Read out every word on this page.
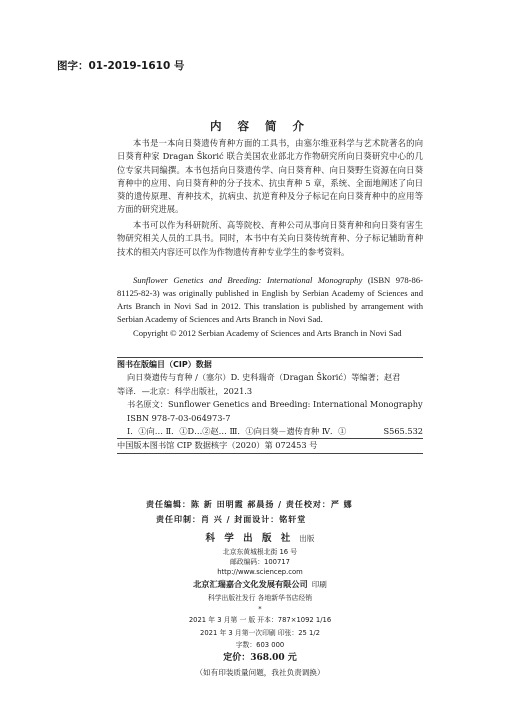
图字：01-2019-1610 号
内 容 简 介

本书是一本向日葵遗传育种方面的工具书，由塞尔维亚科学与艺术院著名的向日葵育种家 Dragan Škorić 联合美国农业部北方作物研究所向日葵研究中心的几位专家共同编撰。本书包括向日葵遗传学、向日葵育种、向日葵野生资源在向日葵育种中的应用、向日葵育种的分子技术、抗虫育种 5 章，系统、全面地阐述了向日葵的遗传原理、育种技术，抗病虫、抗逆育种及分子标记在向日葵育种中的应用等方面的研究进展。

本书可以作为科研院所、高等院校、育种公司从事向日葵育种和向日葵有害生物研究相关人员的工具书。同时，本书中有关向日葵传统育种、分子标记辅助育种技术的相关内容还可以作为作物遗传育种专业学生的参考资料。

Sunflower Genetics and Breeding: International Monography (ISBN 978-86-81125-82-3) was originally published in English by Serbian Academy of Sciences and Arts Branch in Novi Sad in 2012. This translation is published by arrangement with Serbian Academy of Sciences and Arts Branch in Novi Sad.

Copyright © 2012 Serbian Academy of Sciences and Arts Branch in Novi Sad

图书在版编目（CIP）数据
向日葵遗传与育种 /（塞尔）D. 史科瑞奇（Dragan Škorić）等编著；赵君
等译．—北京：科学出版社，2021.3
书名原文：Sunflower Genetics and Breeding: International Monography
ISBN 978-7-03-064973-7
Ⅰ．①向… Ⅱ．①D…②赵… Ⅲ．①向日葵－遗传育种 Ⅳ．①	S565.532
中国版本图书馆 CIP 数据核字（2020）第 072453 号
责任编辑：陈 新 田明霞 郝晨扬 / 责任校对：严 娜
责任印制：肖 兴 / 封面设计：铭轩堂
科 学 出 版 社 出版
北京东黄城根北街 16 号
邮政编码：100717
http://www.sciencep.com
北京汇瑞嘉合文化发展有限公司 印刷
科学出版社发行 各地新华书店经销
*
2021 年 3 月第 一 版 开本：787×1092 1/16
2021 年 3 月第一次印刷 印张：25 1/2
字数：603 000
定价：368.00 元
（如有印装质量问题，我社负责调换）
